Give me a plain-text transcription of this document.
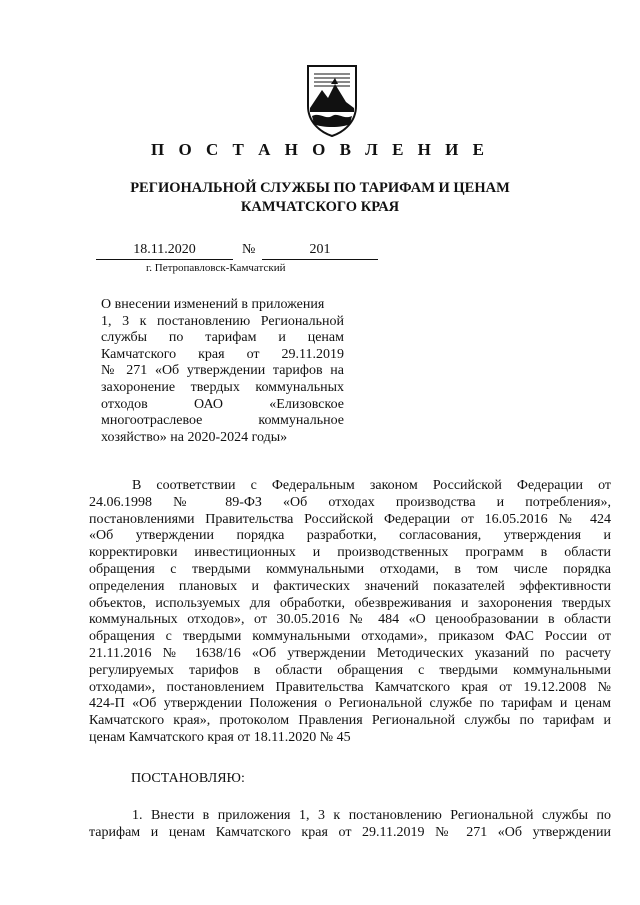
П О С Т А Н О В Л Е Н И Е
РЕГИОНАЛЬНОЙ СЛУЖБЫ ПО ТАРИФАМ И ЦЕНАМ
КАМЧАТСКОГО КРАЯ
18.11.2020	№	201
г. Петропавловск-Камчатский
О внесении изменений в приложения
1, 3 к постановлению Региональной
службы по тарифам и ценам
Камчатского края от 29.11.2019
№ 271 «Об утверждении тарифов на
захоронение твердых коммунальных
отходов ОАО «Елизовское
многоотраслевое коммунальное
хозяйство» на 2020-2024 годы»
В соответствии с Федеральным законом Российской Федерации от
24.06.1998 № 89-ФЗ «Об отходах производства и потребления»,
постановлениями Правительства Российской Федерации от 16.05.2016 № 424
«Об утверждении порядка разработки, согласования, утверждения и
корректировки инвестиционных и производственных программ в области
обращения с твердыми коммунальными отходами, в том числе порядка
определения плановых и фактических значений показателей эффективности
объектов, используемых для обработки, обезвреживания и захоронения твердых
коммунальных отходов», от 30.05.2016 № 484 «О ценообразовании в области
обращения с твердыми коммунальными отходами», приказом ФАС России от
21.11.2016 № 1638/16 «Об утверждении Методических указаний по расчету
регулируемых тарифов в области обращения с твердыми коммунальными
отходами», постановлением Правительства Камчатского края от 19.12.2008 №
424-П «Об утверждении Положения о Региональной службе по тарифам и ценам
Камчатского края», протоколом Правления Региональной службы по тарифам и
ценам Камчатского края от 18.11.2020 № 45
ПОСТАНОВЛЯЮ:
1. Внести в приложения 1, 3 к постановлению Региональной службы по
тарифам и ценам Камчатского края от 29.11.2019 № 271 «Об утверждении
